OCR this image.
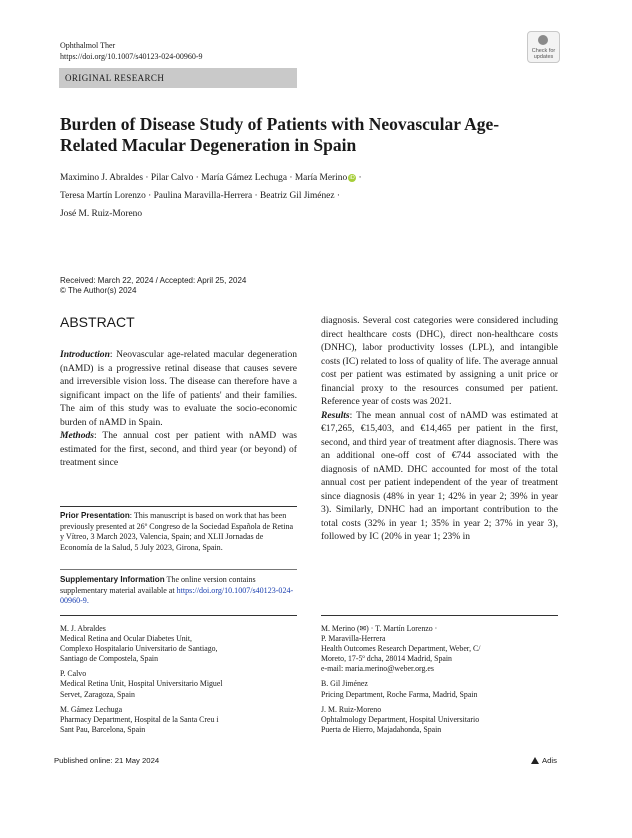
Ophthalmol Ther
https://doi.org/10.1007/s40123-024-00960-9
ORIGINAL RESEARCH
Check for
updates
Burden of Disease Study of Patients with Neovascular Age-Related Macular Degeneration in Spain
Maximino J. Abraldes · Pilar Calvo · María Gámez Lechuga · María Merino iD ·
Teresa Martín Lorenzo · Paulina Maravilla-Herrera · Beatriz Gil Jiménez ·
José M. Ruiz-Moreno
Received: March 22, 2024 / Accepted: April 25, 2024
© The Author(s) 2024
ABSTRACT

Introduction: Neovascular age-related macular degeneration (nAMD) is a progressive retinal disease that causes severe and irreversible vision loss. The disease can therefore have a significant impact on the life of patients' and their families. The aim of this study was to evaluate the socio-economic burden of nAMD in Spain.

Methods: The annual cost per patient with nAMD was estimated for the first, second, and third year (or beyond) of treatment since

diagnosis. Several cost categories were considered including direct healthcare costs (DHC), direct non-healthcare costs (DNHC), labor productivity losses (LPL), and intangible costs (IC) related to loss of quality of life. The average annual cost per patient was estimated by assigning a unit price or financial proxy to the resources consumed per patient. Reference year of costs was 2021.

Results: The mean annual cost of nAMD was estimated at €17,265, €15,403, and €14,465 per patient in the first, second, and third year of treatment after diagnosis. There was an additional one-off cost of €744 associated with the diagnosis of nAMD. DHC accounted for most of the total annual cost per patient independent of the year of treatment since diagnosis (48% in year 1; 42% in year 2; 39% in year 3). Similarly, DNHC had an important contribution to the total costs (32% in year 1; 35% in year 2; 37% in year 3), followed by IC (20% in year 1; 23% in

Prior Presentation: This manuscript is based on work that has been previously presented at 26º Congreso de la Sociedad Española de Retina y Vítreo, 3 March 2023, Valencia, Spain; and XLII Jornadas de Economía de la Salud, 5 July 2023, Girona, Spain.
Supplementary Information The online version contains supplementary material available at https://doi.org/10.1007/s40123-024-00960-9.

M. J. Abraldes
Medical Retina and Ocular Diabetes Unit,
Complexo Hospitalario Universitario de Santiago,
Santiago de Compostela, Spain

P. Calvo
Medical Retina Unit, Hospital Universitario Miguel
Servet, Zaragoza, Spain

M. Gámez Lechuga
Pharmacy Department, Hospital de la Santa Creu i
Sant Pau, Barcelona, Spain

M. Merino (✉) · T. Martín Lorenzo ·
P. Maravilla-Herrera
Health Outcomes Research Department, Weber, C/
Moreto, 17-5º dcha, 28014 Madrid, Spain
e-mail: maria.merino@weber.org.es

B. Gil Jiménez
Pricing Department, Roche Farma, Madrid, Spain

J. M. Ruiz-Moreno
Ophtalmology Department, Hospital Universitario
Puerta de Hierro, Majadahonda, Spain

Published online: 21 May 2024	Adis
